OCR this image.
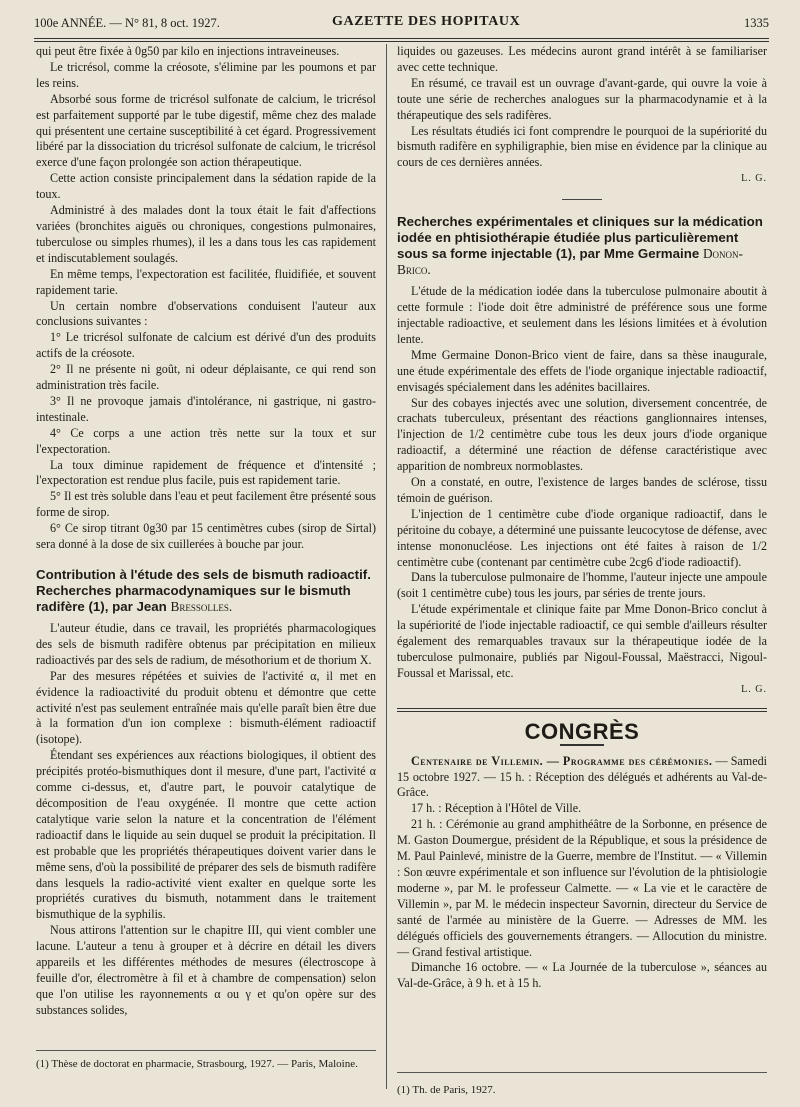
100e ANNÉE. — N° 81, 8 oct. 1927.	GAZETTE DES HOPITAUX	1335

qui peut être fixée à 0g50 par kilo en injections intraveineuses.

Le tricrésol, comme la créosote, s'élimine par les poumons et par les reins.

Absorbé sous forme de tricrésol sulfonate de calcium, le tricrésol est parfaitement supporté par le tube digestif, même chez des malade qui présentent une certaine susceptibilité à cet égard. Progressivement libéré par la dissociation du tricrésol sulfonate de calcium, le tricrésol exerce d'une façon prolongée son action thérapeutique.

Cette action consiste principalement dans la sédation rapide de la toux.

Administré à des malades dont la toux était le fait d'affections variées (bronchites aiguës ou chroniques, congestions pulmonaires, tuberculose ou simples rhumes), il les a dans tous les cas rapidement et indiscutablement soulagés.

En même temps, l'expectoration est facilitée, fluidifiée, et souvent rapidement tarie.

Un certain nombre d'observations conduisent l'auteur aux conclusions suivantes :

1° Le tricrésol sulfonate de calcium est dérivé d'un des produits actifs de la créosote.

2° Il ne présente ni goût, ni odeur déplaisante, ce qui rend son administration très facile.

3° Il ne provoque jamais d'intolérance, ni gastrique, ni gastro-intestinale.

4° Ce corps a une action très nette sur la toux et sur l'expectoration.

La toux diminue rapidement de fréquence et d'intensité ; l'expectoration est rendue plus facile, puis est rapidement tarie.

5° Il est très soluble dans l'eau et peut facilement être présenté sous forme de sirop.

6° Ce sirop titrant 0g30 par 15 centimètres cubes (sirop de Sirtal) sera donné à la dose de six cuillerées à bouche par jour.

Contribution à l'étude des sels de bismuth radioactif. Recherches pharmacodynamiques sur le bismuth radifère (1), par Jean Bressolles.

L'auteur étudie, dans ce travail, les propriétés pharmacologiques des sels de bismuth radifère obtenus par précipitation en milieux radioactivés par des sels de radium, de mésothorium et de thorium X.

Par des mesures répétées et suivies de l'activité α, il met en évidence la radioactivité du produit obtenu et démontre que cette activité n'est pas seulement entraînée mais qu'elle paraît bien être due à la formation d'un ion complexe : bismuth-élément radioactif (isotope).

Étendant ses expériences aux réactions biologiques, il obtient des précipités protéo-bismuthiques dont il mesure, d'une part, l'activité α comme ci-dessus, et, d'autre part, le pouvoir catalytique de décomposition de l'eau oxygénée. Il montre que cette action catalytique varie selon la nature et la concentration de l'élément radioactif dans le liquide au sein duquel se produit la précipitation. Il est probable que les propriétés thérapeutiques doivent varier dans le même sens, d'où la possibilité de préparer des sels de bismuth radifère dans lesquels la radio-activité vient exalter en quelque sorte les propriétés curatives du bismuth, notamment dans le traitement bismuthique de la syphilis.

Nous attirons l'attention sur le chapitre III, qui vient combler une lacune. L'auteur a tenu à grouper et à décrire en détail les divers appareils et les différentes méthodes de mesures (électroscope à feuille d'or, électromètre à fil et à chambre de compensation) selon que l'on utilise les rayonnements α ou γ et qu'on opère sur des substances solides,

(1) Thèse de doctorat en pharmacie, Strasbourg, 1927. — Paris, Maloine.

liquides ou gazeuses. Les médecins auront grand intérêt à se familiariser avec cette technique.

En résumé, ce travail est un ouvrage d'avant-garde, qui ouvre la voie à toute une série de recherches analogues sur la pharmacodynamie et à la thérapeutique des sels radifères.

Les résultats étudiés ici font comprendre le pourquoi de la supériorité du bismuth radifère en syphiligraphie, bien mise en évidence par la clinique au cours de ces dernières années.

L. G.
Recherches expérimentales et cliniques sur la médication iodée en phtisiothérapie étudiée plus particulièrement sous sa forme injectable (1), par Mme Germaine Donon-Brico.

L'étude de la médication iodée dans la tuberculose pulmonaire aboutit à cette formule : l'iode doit être administré de préférence sous une forme injectable radioactive, et seulement dans les lésions limitées et à évolution lente.

Mme Germaine Donon-Brico vient de faire, dans sa thèse inaugurale, une étude expérimentale des effets de l'iode organique injectable radioactif, envisagés spécialement dans les adénites bacillaires.

Sur des cobayes injectés avec une solution, diversement concentrée, de crachats tuberculeux, présentant des réactions ganglionnaires intenses, l'injection de 1/2 centimètre cube tous les deux jours d'iode organique radioactif, a déterminé une réaction de défense caractéristique avec apparition de nombreux normoblastes.

On a constaté, en outre, l'existence de larges bandes de sclérose, tissu témoin de guérison.

L'injection de 1 centimètre cube d'iode organique radioactif, dans le péritoine du cobaye, a déterminé une puissante leucocytose de défense, avec intense mononucléose. Les injections ont été faites à raison de 1/2 centimètre cube (contenant par centimètre cube 2cg6 d'iode radioactif).

Dans la tuberculose pulmonaire de l'homme, l'auteur injecte une ampoule (soit 1 centimètre cube) tous les jours, par séries de trente jours.

L'étude expérimentale et clinique faite par Mme Donon-Brico conclut à la supériorité de l'iode injectable radioactif, ce qui semble d'ailleurs résulter également des remarquables travaux sur la thérapeutique iodée de la tuberculose pulmonaire, publiés par Nigoul-Foussal, Maëstracci, Nigoul-Foussal et Marissal, etc.

L. G.
CONGRÈS

Centenaire de Villemin. — Programme des cérémonies. — Samedi 15 octobre 1927. — 15 h. : Réception des délégués et adhérents au Val-de-Grâce.

17 h. : Réception à l'Hôtel de Ville.

21 h. : Cérémonie au grand amphithéâtre de la Sorbonne, en présence de M. Gaston Doumergue, président de la République, et sous la présidence de M. Paul Painlevé, ministre de la Guerre, membre de l'Institut. — « Villemin : Son œuvre expérimentale et son influence sur l'évolution de la phtisiologie moderne », par M. le professeur Calmette. — « La vie et le caractère de Villemin », par M. le médecin inspecteur Savornin, directeur du Service de santé de l'armée au ministère de la Guerre. — Adresses de MM. les délégués officiels des gouvernements étrangers. — Allocution du ministre. — Grand festival artistique.

Dimanche 16 octobre. — « La Journée de la tuberculose », séances au Val-de-Grâce, à 9 h. et à 15 h.

(1) Th. de Paris, 1927.
